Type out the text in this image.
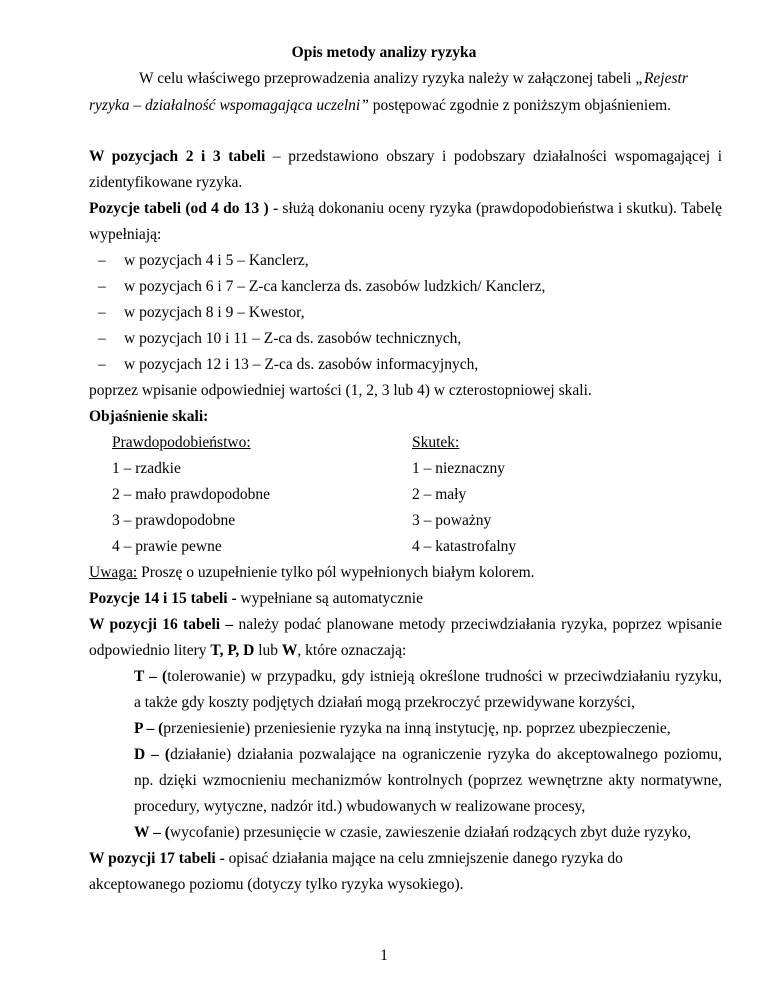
Opis metody analizy ryzyka
W celu właściwego przeprowadzenia analizy ryzyka należy w załączonej tabeli „Rejestr
ryzyka – działalność wspomagająca uczelni” postępować zgodnie z poniższym objaśnieniem.
W pozycjach 2 i 3 tabeli – przedstawiono obszary i podobszary działalności wspomagającej i
zidentyfikowane ryzyka.
Pozycje tabeli (od 4 do 13 ) - służą dokonaniu oceny ryzyka (prawdopodobieństwa i skutku). Tabelę
wypełniają:
– w pozycjach 4 i 5 – Kanclerz,
– w pozycjach 6 i 7 – Z-ca kanclerza ds. zasobów ludzkich/ Kanclerz,
– w pozycjach 8 i 9 – Kwestor,
– w pozycjach 10 i 11 – Z-ca ds. zasobów technicznych,
– w pozycjach 12 i 13 – Z-ca ds. zasobów informacyjnych,
poprzez wpisanie odpowiedniej wartości (1, 2, 3 lub 4) w czterostopniowej skali.
Objaśnienie skali:
Prawdopodobieństwo:	Skutek:
1 – rzadkie	1 – nieznaczny
2 – mało prawdopodobne	2 – mały
3 – prawdopodobne	3 – poważny
4 – prawie pewne	4 – katastrofalny
Uwaga: Proszę o uzupełnienie tylko pól wypełnionych białym kolorem.
Pozycje 14 i 15 tabeli - wypełniane są automatycznie
W pozycji 16 tabeli – należy podać planowane metody przeciwdziałania ryzyka, poprzez wpisanie
odpowiednio litery T, P, D lub W, które oznaczają:
T – (tolerowanie) w przypadku, gdy istnieją określone trudności w przeciwdziałaniu ryzyku,
a także gdy koszty podjętych działań mogą przekroczyć przewidywane korzyści,
P – (przeniesienie) przeniesienie ryzyka na inną instytucję, np. poprzez ubezpieczenie,
D – (działanie) działania pozwalające na ograniczenie ryzyka do akceptowalnego poziomu,
np. dzięki wzmocnieniu mechanizmów kontrolnych (poprzez wewnętrzne akty normatywne,
procedury, wytyczne, nadzór itd.) wbudowanych w realizowane procesy,
W – (wycofanie) przesunięcie w czasie, zawieszenie działań rodzących zbyt duże ryzyko,
W pozycji 17 tabeli - opisać działania mające na celu zmniejszenie danego ryzyka do
akceptowanego poziomu (dotyczy tylko ryzyka wysokiego).
1
